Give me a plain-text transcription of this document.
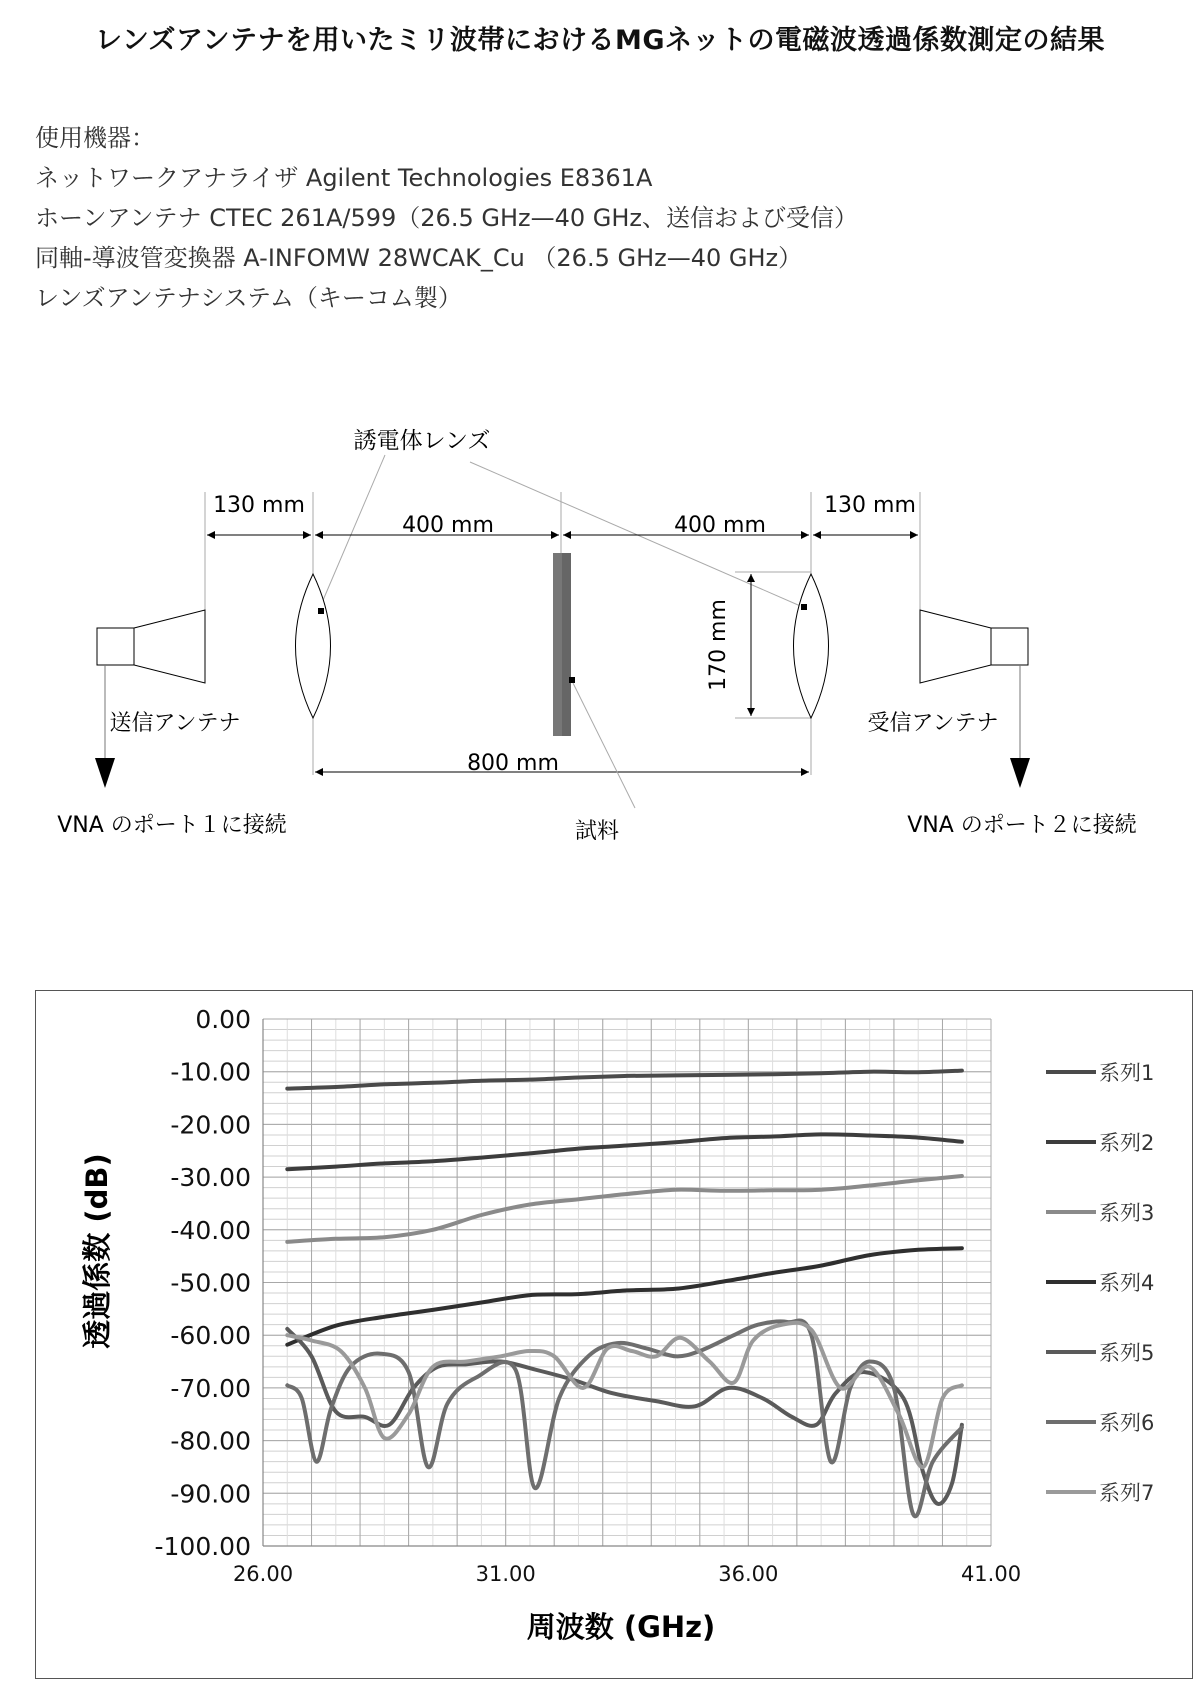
レンズアンテナを用いたミリ波帯におけるMGネットの電磁波透過係数測定の結果
使用機器：
ネットワークアナライザ Agilent Technologies E8361A
ホーンアンテナ CTEC 261A/599（26.5 GHz—40 GHz、送信および受信）
同軸-導波管変換器 A-INFOMW 28WCAK_Cu （26.5 GHz—40 GHz）
レンズアンテナシステム（キーコム製）
誘電体レンズ
130 mm
400 mm	400 mm
130 mm
800 mm
170 mm
試料
送信アンテナ	受信アンテナ
VNA のポート１に接続	VNA のポート２に接続
0.00
-10.00
-20.00
-30.00
-40.00
-50.00
-60.00
-70.00
-80.00
-90.00
-100.00
26.00	31.00	36.00	41.00
系列1
系列2
系列3
系列4
系列5
系列6
系列7
周波数 (GHz)
透過係数 (dB)
